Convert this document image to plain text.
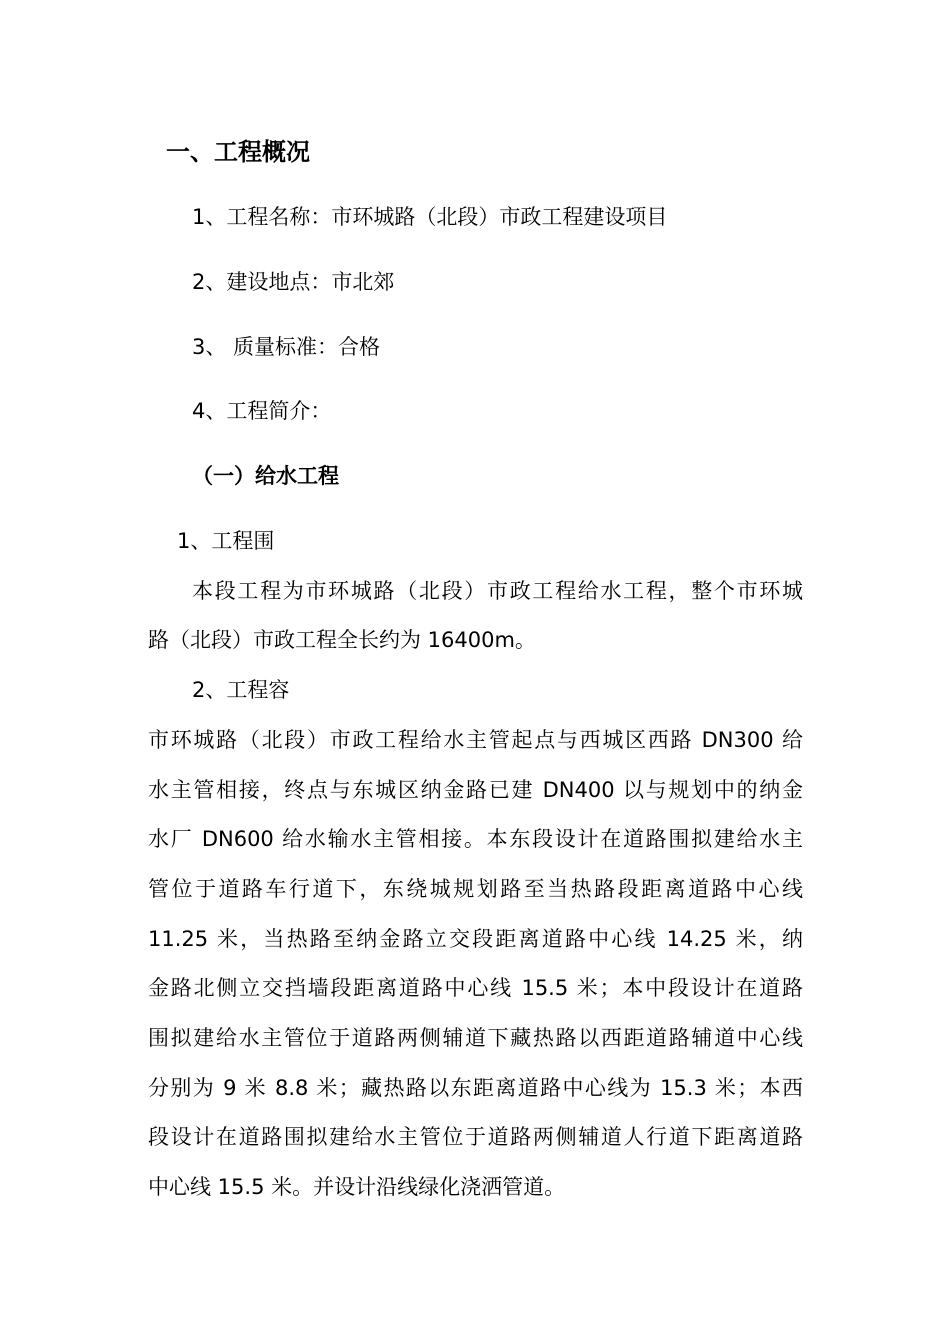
一、工程概况
1、工程名称：市环城路（北段）市政工程建设项目
2、建设地点：市北郊
3、 质量标准：合格
4、工程简介：
（一）给水工程
1、工程围
本段工程为市环城路（北段）市政工程给水工程，整个市环城
路（北段）市政工程全长约为 16400m。
2、工程容
市环城路（北段）市政工程给水主管起点与西城区西路 DN300 给
水主管相接，终点与东城区纳金路已建 DN400 以与规划中的纳金
水厂 DN600 给水输水主管相接。本东段设计在道路围拟建给水主
管位于道路车行道下，东绕城规划路至当热路段距离道路中心线
11.25 米，当热路至纳金路立交段距离道路中心线 14.25 米，纳
金路北侧立交挡墙段距离道路中心线 15.5 米；本中段设计在道路
围拟建给水主管位于道路两侧辅道下藏热路以西距道路辅道中心线
分别为 9 米 8.8 米；藏热路以东距离道路中心线为 15.3 米；本西
段设计在道路围拟建给水主管位于道路两侧辅道人行道下距离道路
中心线 15.5 米。并设计沿线绿化浇洒管道。
